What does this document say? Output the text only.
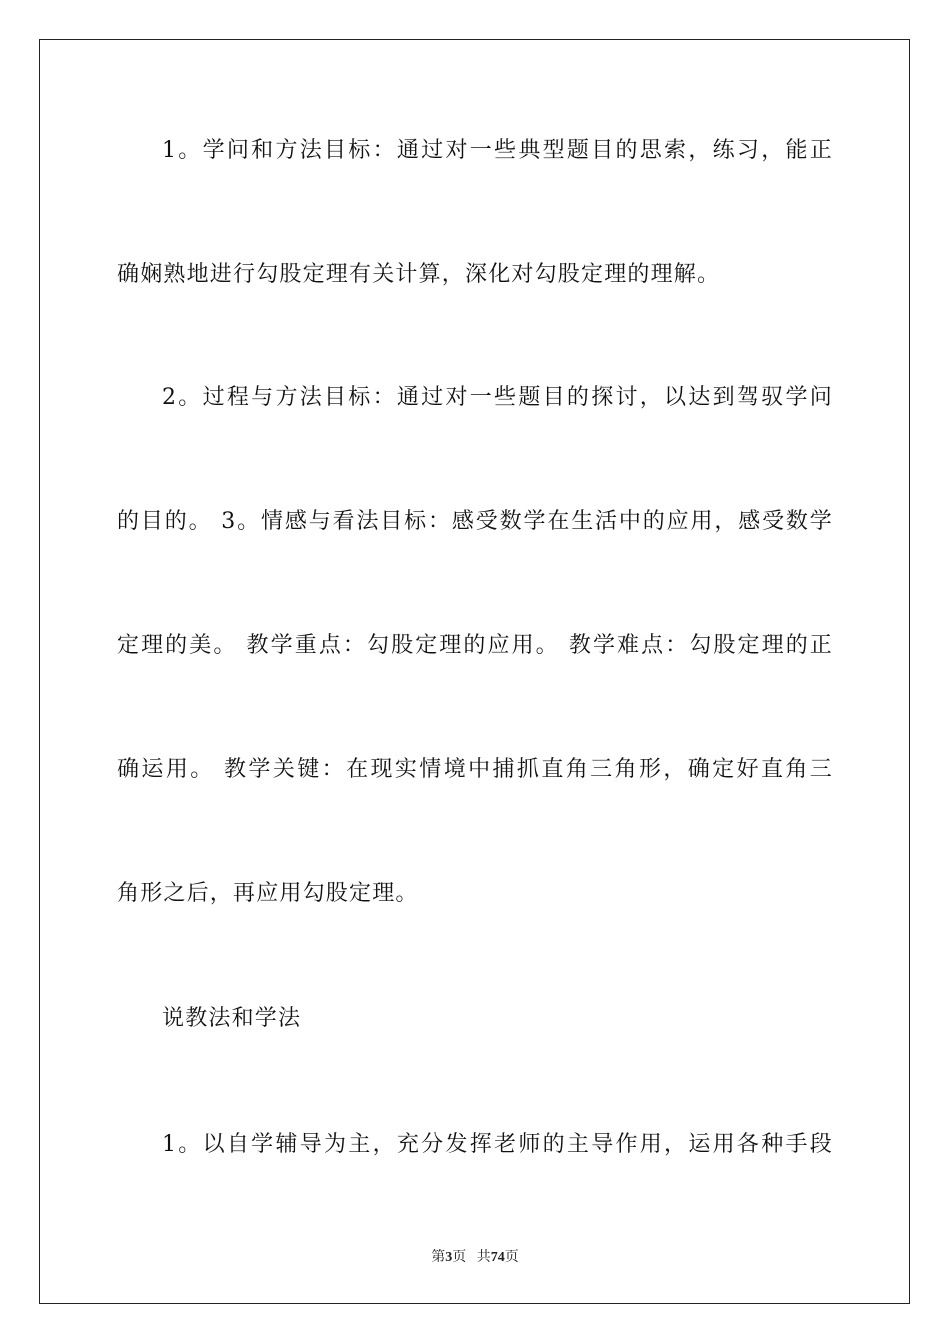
1。学问和方法目标：通过对一些典型题目的思索，练习，能正
确娴熟地进行勾股定理有关计算，深化对勾股定理的理解。
2。过程与方法目标：通过对一些题目的探讨，以达到驾驭学问
的目的。 3。情感与看法目标：感受数学在生活中的应用，感受数学
定理的美。 教学重点：勾股定理的应用。 教学难点：勾股定理的正
确运用。 教学关键：在现实情境中捕抓直角三角形，确定好直角三
角形之后，再应用勾股定理。
说教法和学法
1。以自学辅导为主，充分发挥老师的主导作用，运用各种手段
第3页 共74页
